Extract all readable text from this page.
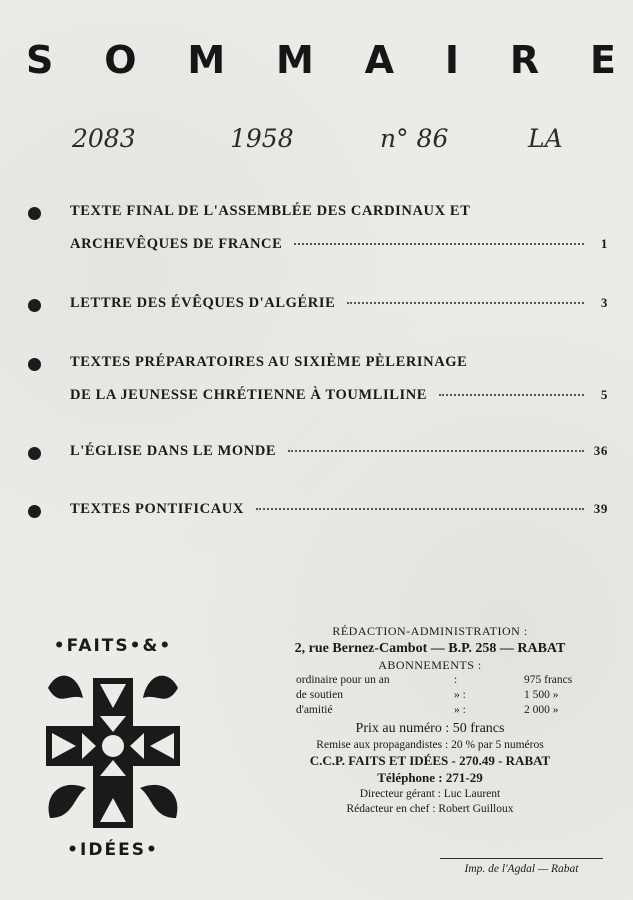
S O M M A I R E
2083	1958	n° 86	LA
TEXTE FINAL DE L'ASSEMBLÉE DES CARDINAUX ET
ARCHEVÊQUES DE FRANCE	1
LETTRE DES ÉVÊQUES D'ALGÉRIE	3
TEXTES PRÉPARATOIRES AU SIXIÈME PÈLERINAGE
DE LA JEUNESSE CHRÉTIENNE À TOUMLILINE	5
L'ÉGLISE DANS LE MONDE	36
TEXTES PONTIFICAUX	39
•FAITS•&•
•IDÉES•
RÉDACTION-ADMINISTRATION :
2, rue Bernez-Cambot — B.P. 258 — RABAT
ABONNEMENTS :
ordinaire pour un an	:	975 francs
de soutien	» :	1 500 »
d'amitié	» :	2 000 »
Prix au numéro : 50 francs
Remise aux propagandistes : 20 % par 5 numéros
C.C.P. FAITS ET IDÉES - 270.49 - RABAT
Téléphone : 271-29
Directeur gérant : Luc Laurent
Rédacteur en chef : Robert Guilloux
Imp. de l'Agdal — Rabat
